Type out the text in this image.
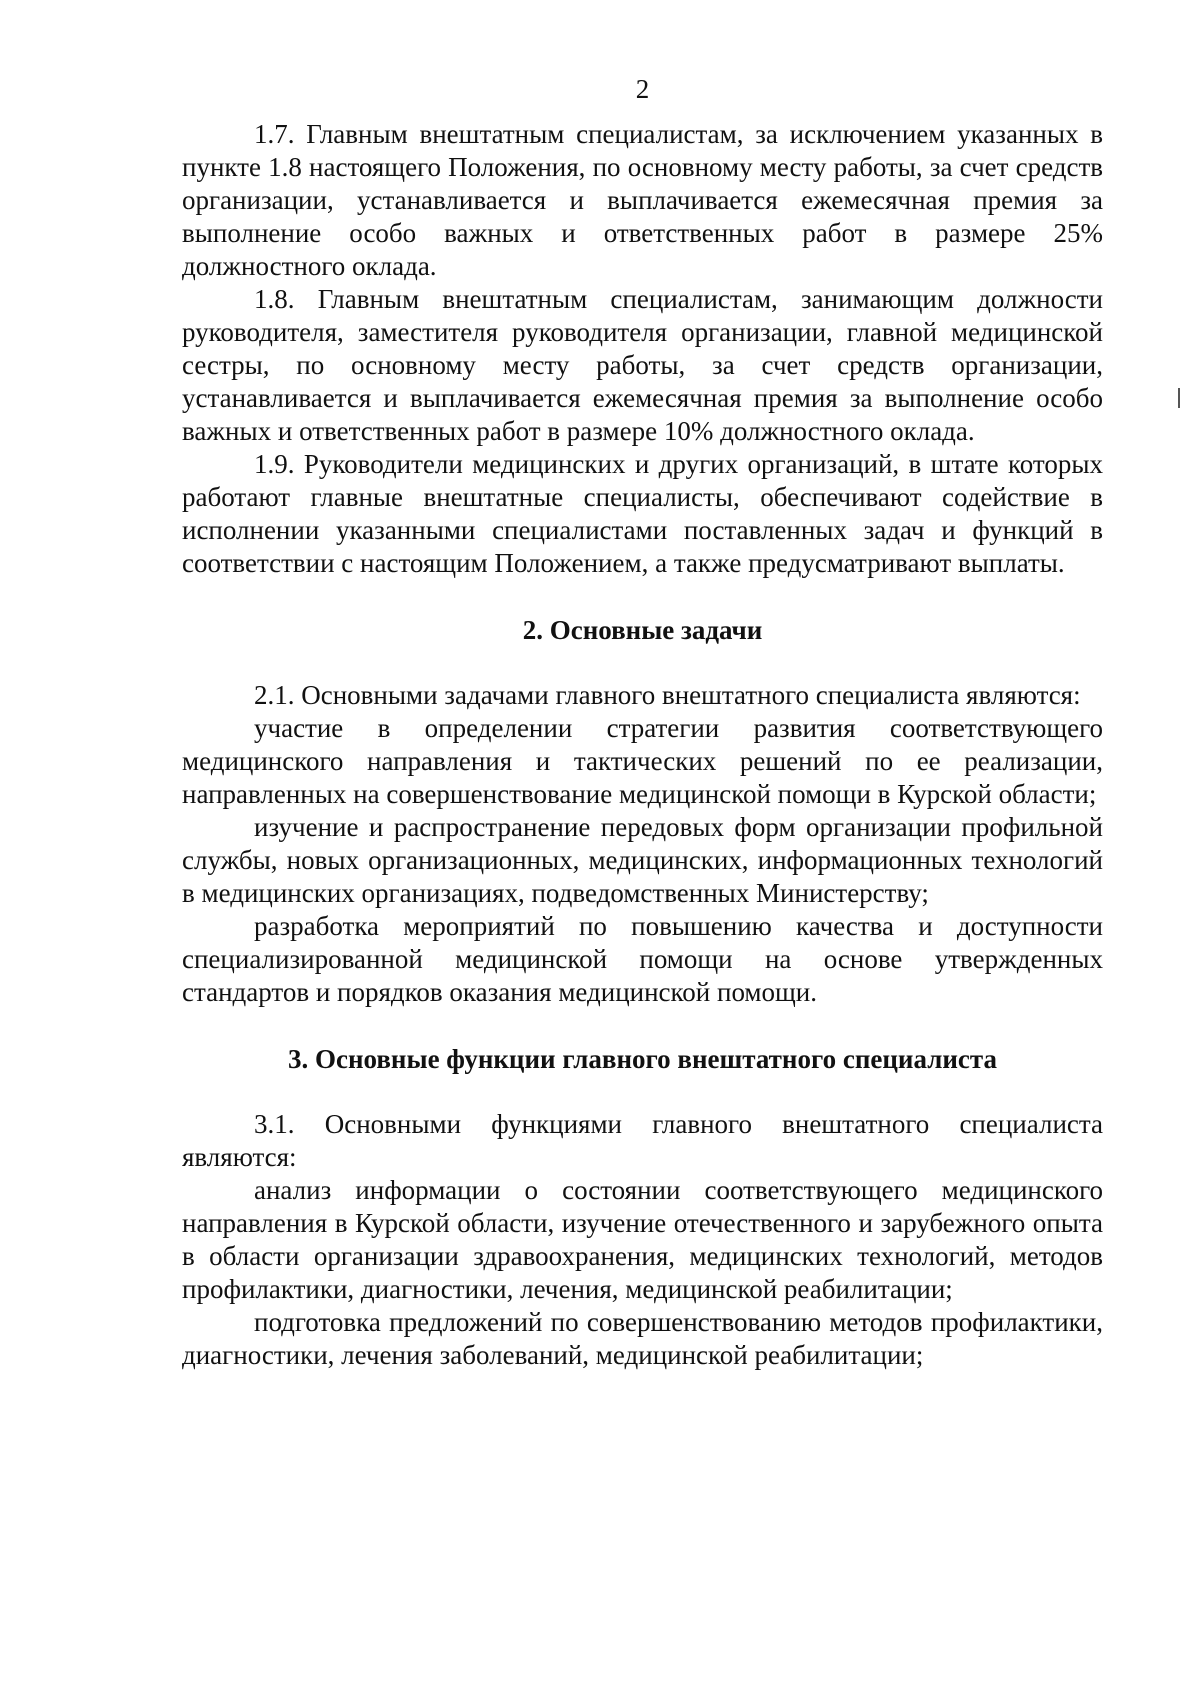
2

1.7. Главным внештатным специалистам, за исключением указанных в пункте 1.8 настоящего Положения, по основному месту работы, за счет средств организации, устанавливается и выплачивается ежемесячная премия за выполнение особо важных и ответственных работ в размере 25% должностного оклада.

1.8. Главным внештатным специалистам, занимающим должности руководителя, заместителя руководителя организации, главной медицинской сестры, по основному месту работы, за счет средств организации, устанавливается и выплачивается ежемесячная премия за выполнение особо важных и ответственных работ в размере 10% должностного оклада.

1.9. Руководители медицинских и других организаций, в штате которых работают главные внештатные специалисты, обеспечивают содействие в исполнении указанными специалистами поставленных задач и функций в соответствии с настоящим Положением, а также предусматривают выплаты.

2. Основные задачи

2.1. Основными задачами главного внештатного специалиста являются:

участие в определении стратегии развития соответствующего медицинского направления и тактических решений по ее реализации, направленных на совершенствование медицинской помощи в Курской области;

изучение и распространение передовых форм организации профильной службы, новых организационных, медицинских, информационных технологий в медицинских организациях, подведомственных Министерству;

разработка мероприятий по повышению качества и доступности специализированной медицинской помощи на основе утвержденных стандартов и порядков оказания медицинской помощи.

3. Основные функции главного внештатного специалиста

3.1. Основными функциями главного внештатного специалиста являются:

анализ информации о состоянии соответствующего медицинского направления в Курской области, изучение отечественного и зарубежного опыта в области организации здравоохранения, медицинских технологий, методов профилактики, диагностики, лечения, медицинской реабилитации;

подготовка предложений по совершенствованию методов профилактики, диагностики, лечения заболеваний, медицинской реабилитации;
